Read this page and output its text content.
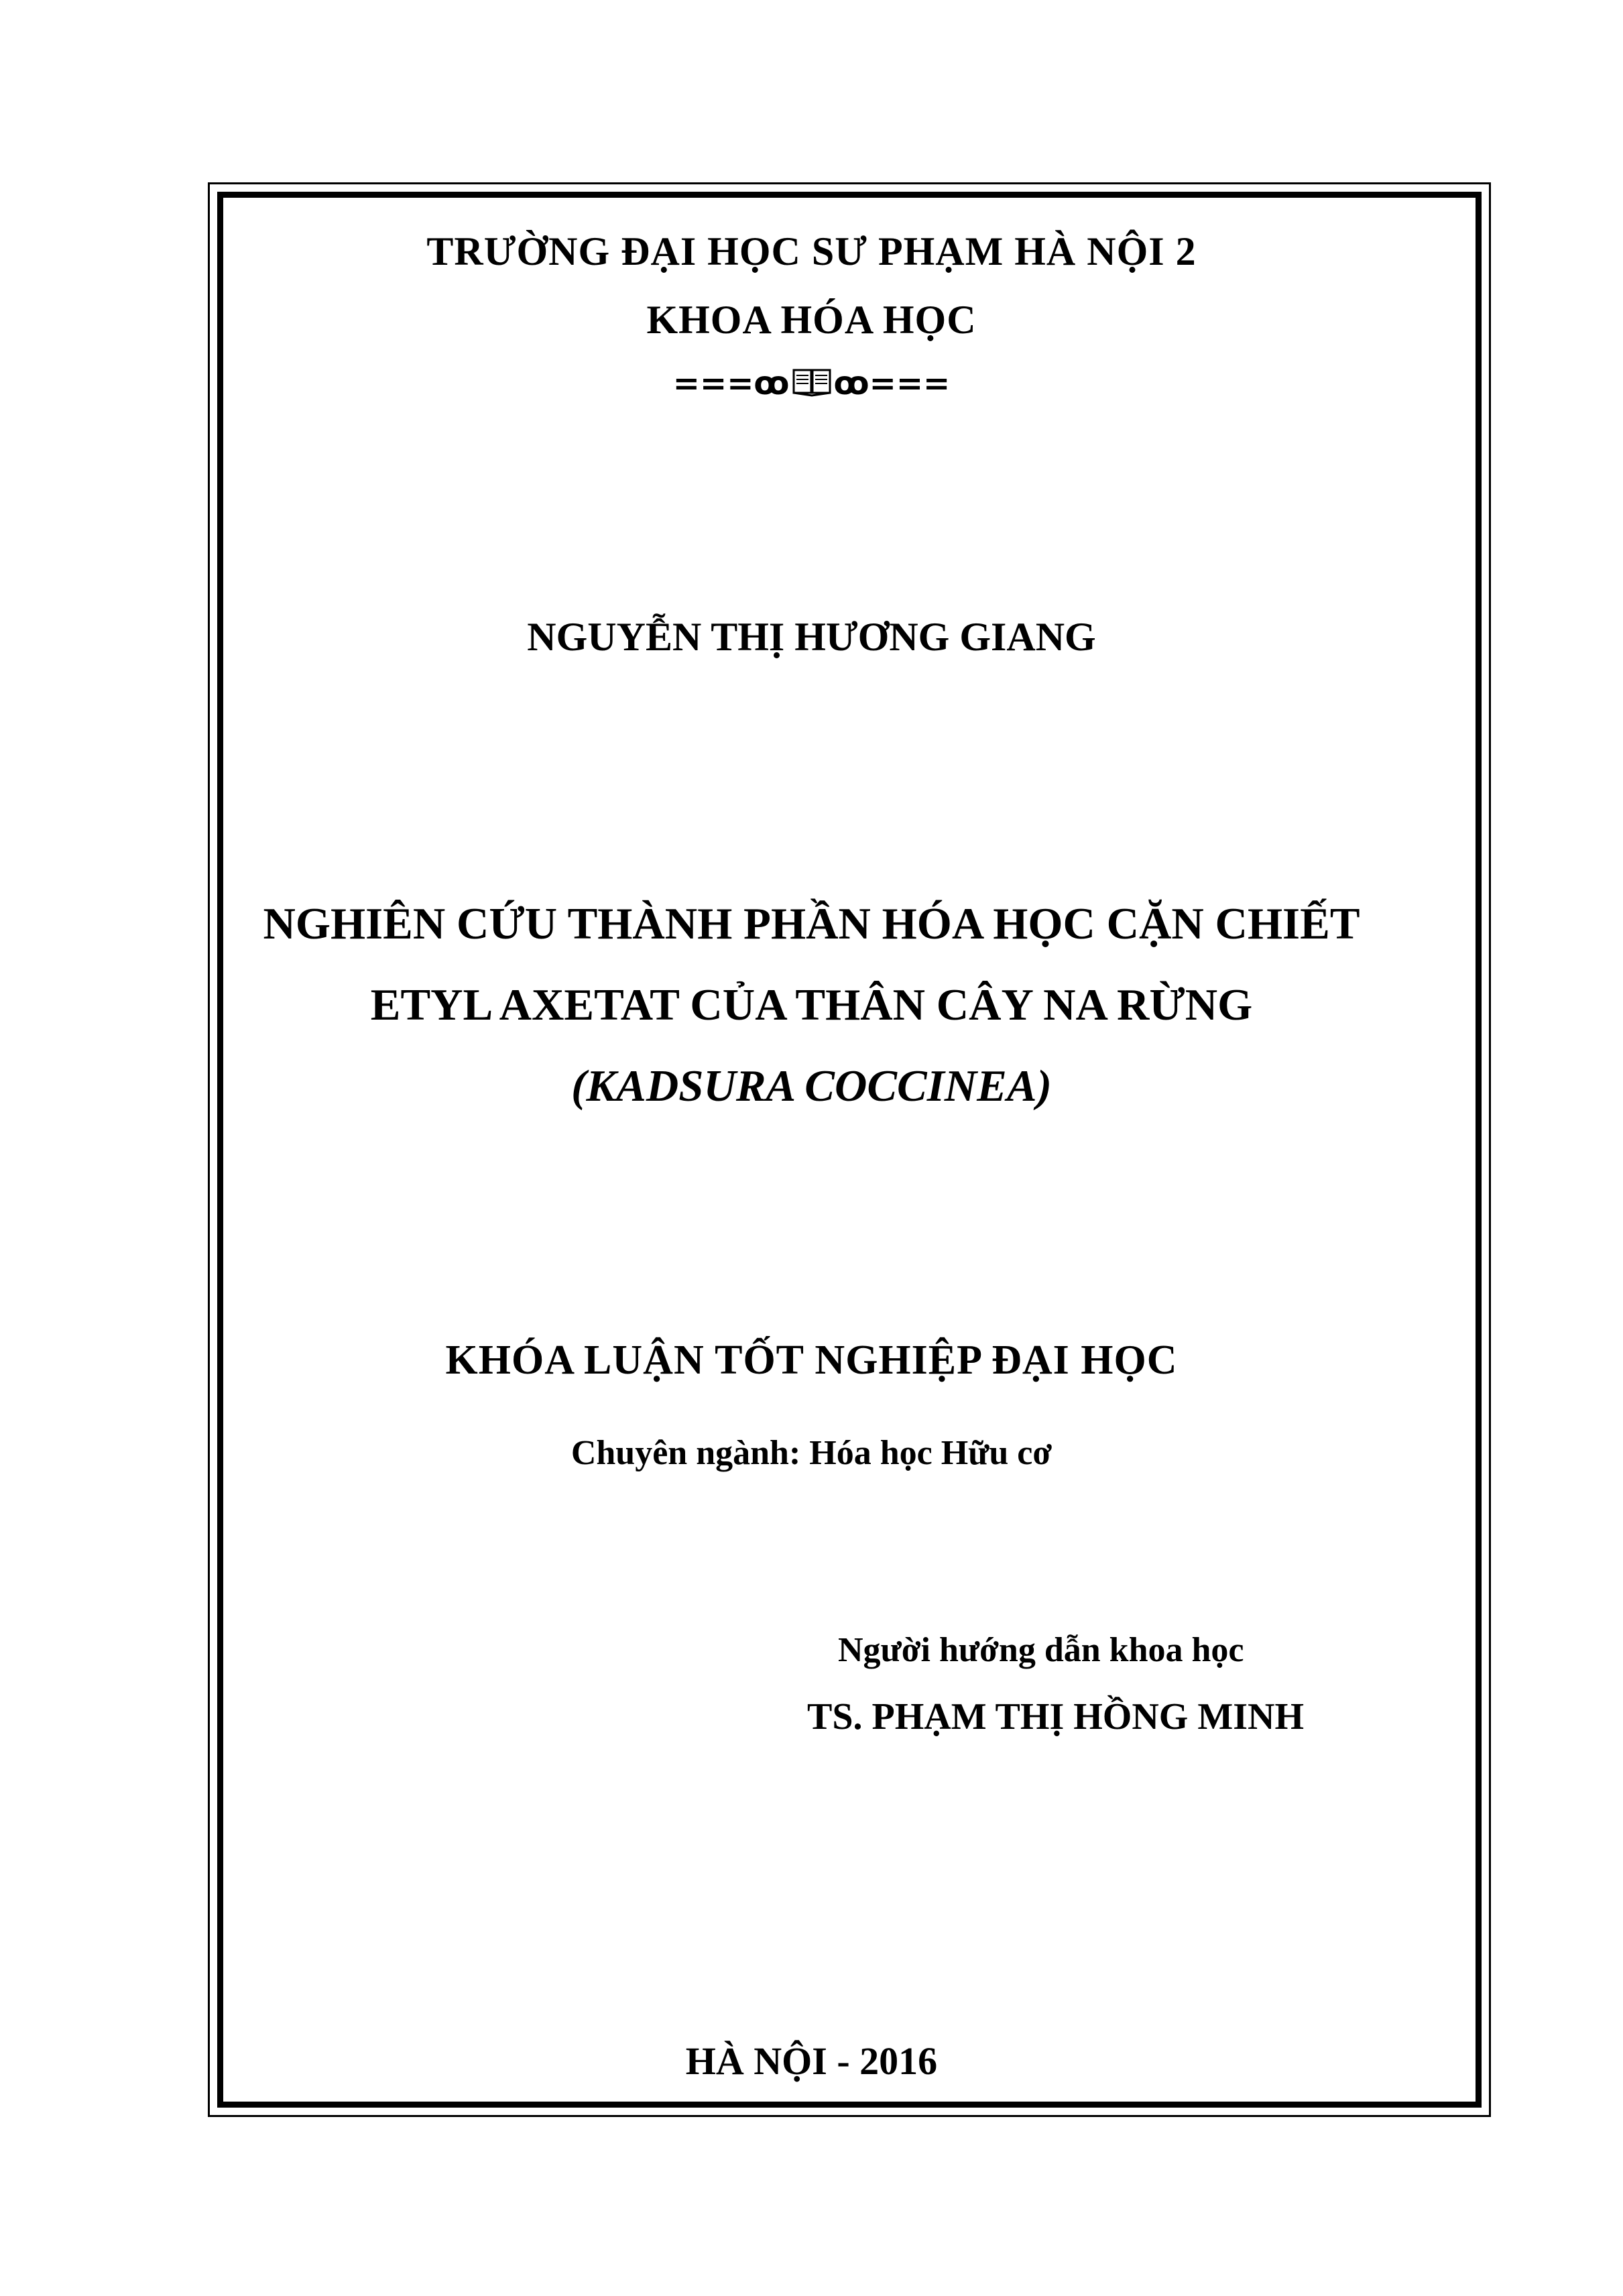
TRƯỜNG ĐẠI HỌC SƯ PHẠM HÀ NỘI 2
KHOA HÓA HỌC
===ꝏ ꝏ===
NGUYỄN THỊ HƯƠNG GIANG
NGHIÊN CỨU THÀNH PHẦN HÓA HỌC CẶN CHIẾT
ETYL AXETAT CỦA THÂN CÂY NA RỪNG
(KADSURA COCCINEA)
KHÓA LUẬN TỐT NGHIỆP ĐẠI HỌC
Chuyên ngành: Hóa học Hữu cơ
Người hướng dẫn khoa học
TS. PHẠM THỊ HỒNG MINH
HÀ NỘI - 2016
